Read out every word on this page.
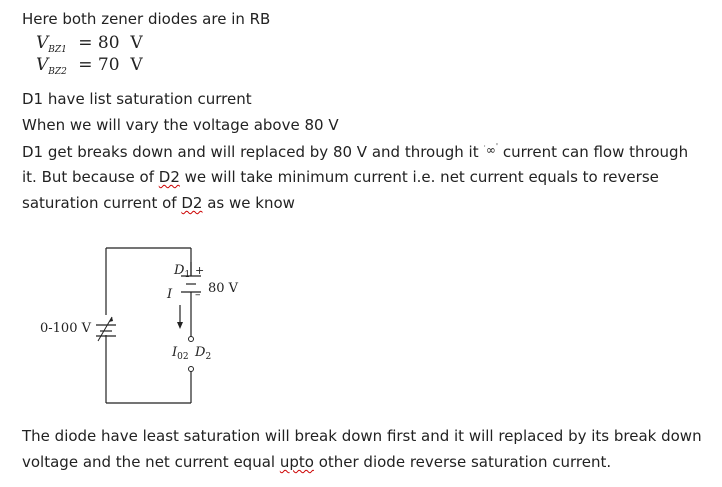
Here both zener diodes are in RB
$V_{BZ1} = 80$  V
$V_{BZ2} = 70$  V
D1 have list saturation current
When we will vary the voltage above 80 V
D1 get breaks down and will replaced by 80 V and through it ·∞' current can flow through
it. But because of D2 we will take minimum current i.e. net current equals to reverse
saturation current of D2 as we know
0-100 V
$D_1$ +
– 80 V
I
$I_{02}$ $D_2$
The diode have least saturation will break down first and it will replaced by its break down
voltage and the net current equal upto other diode reverse saturation current.
